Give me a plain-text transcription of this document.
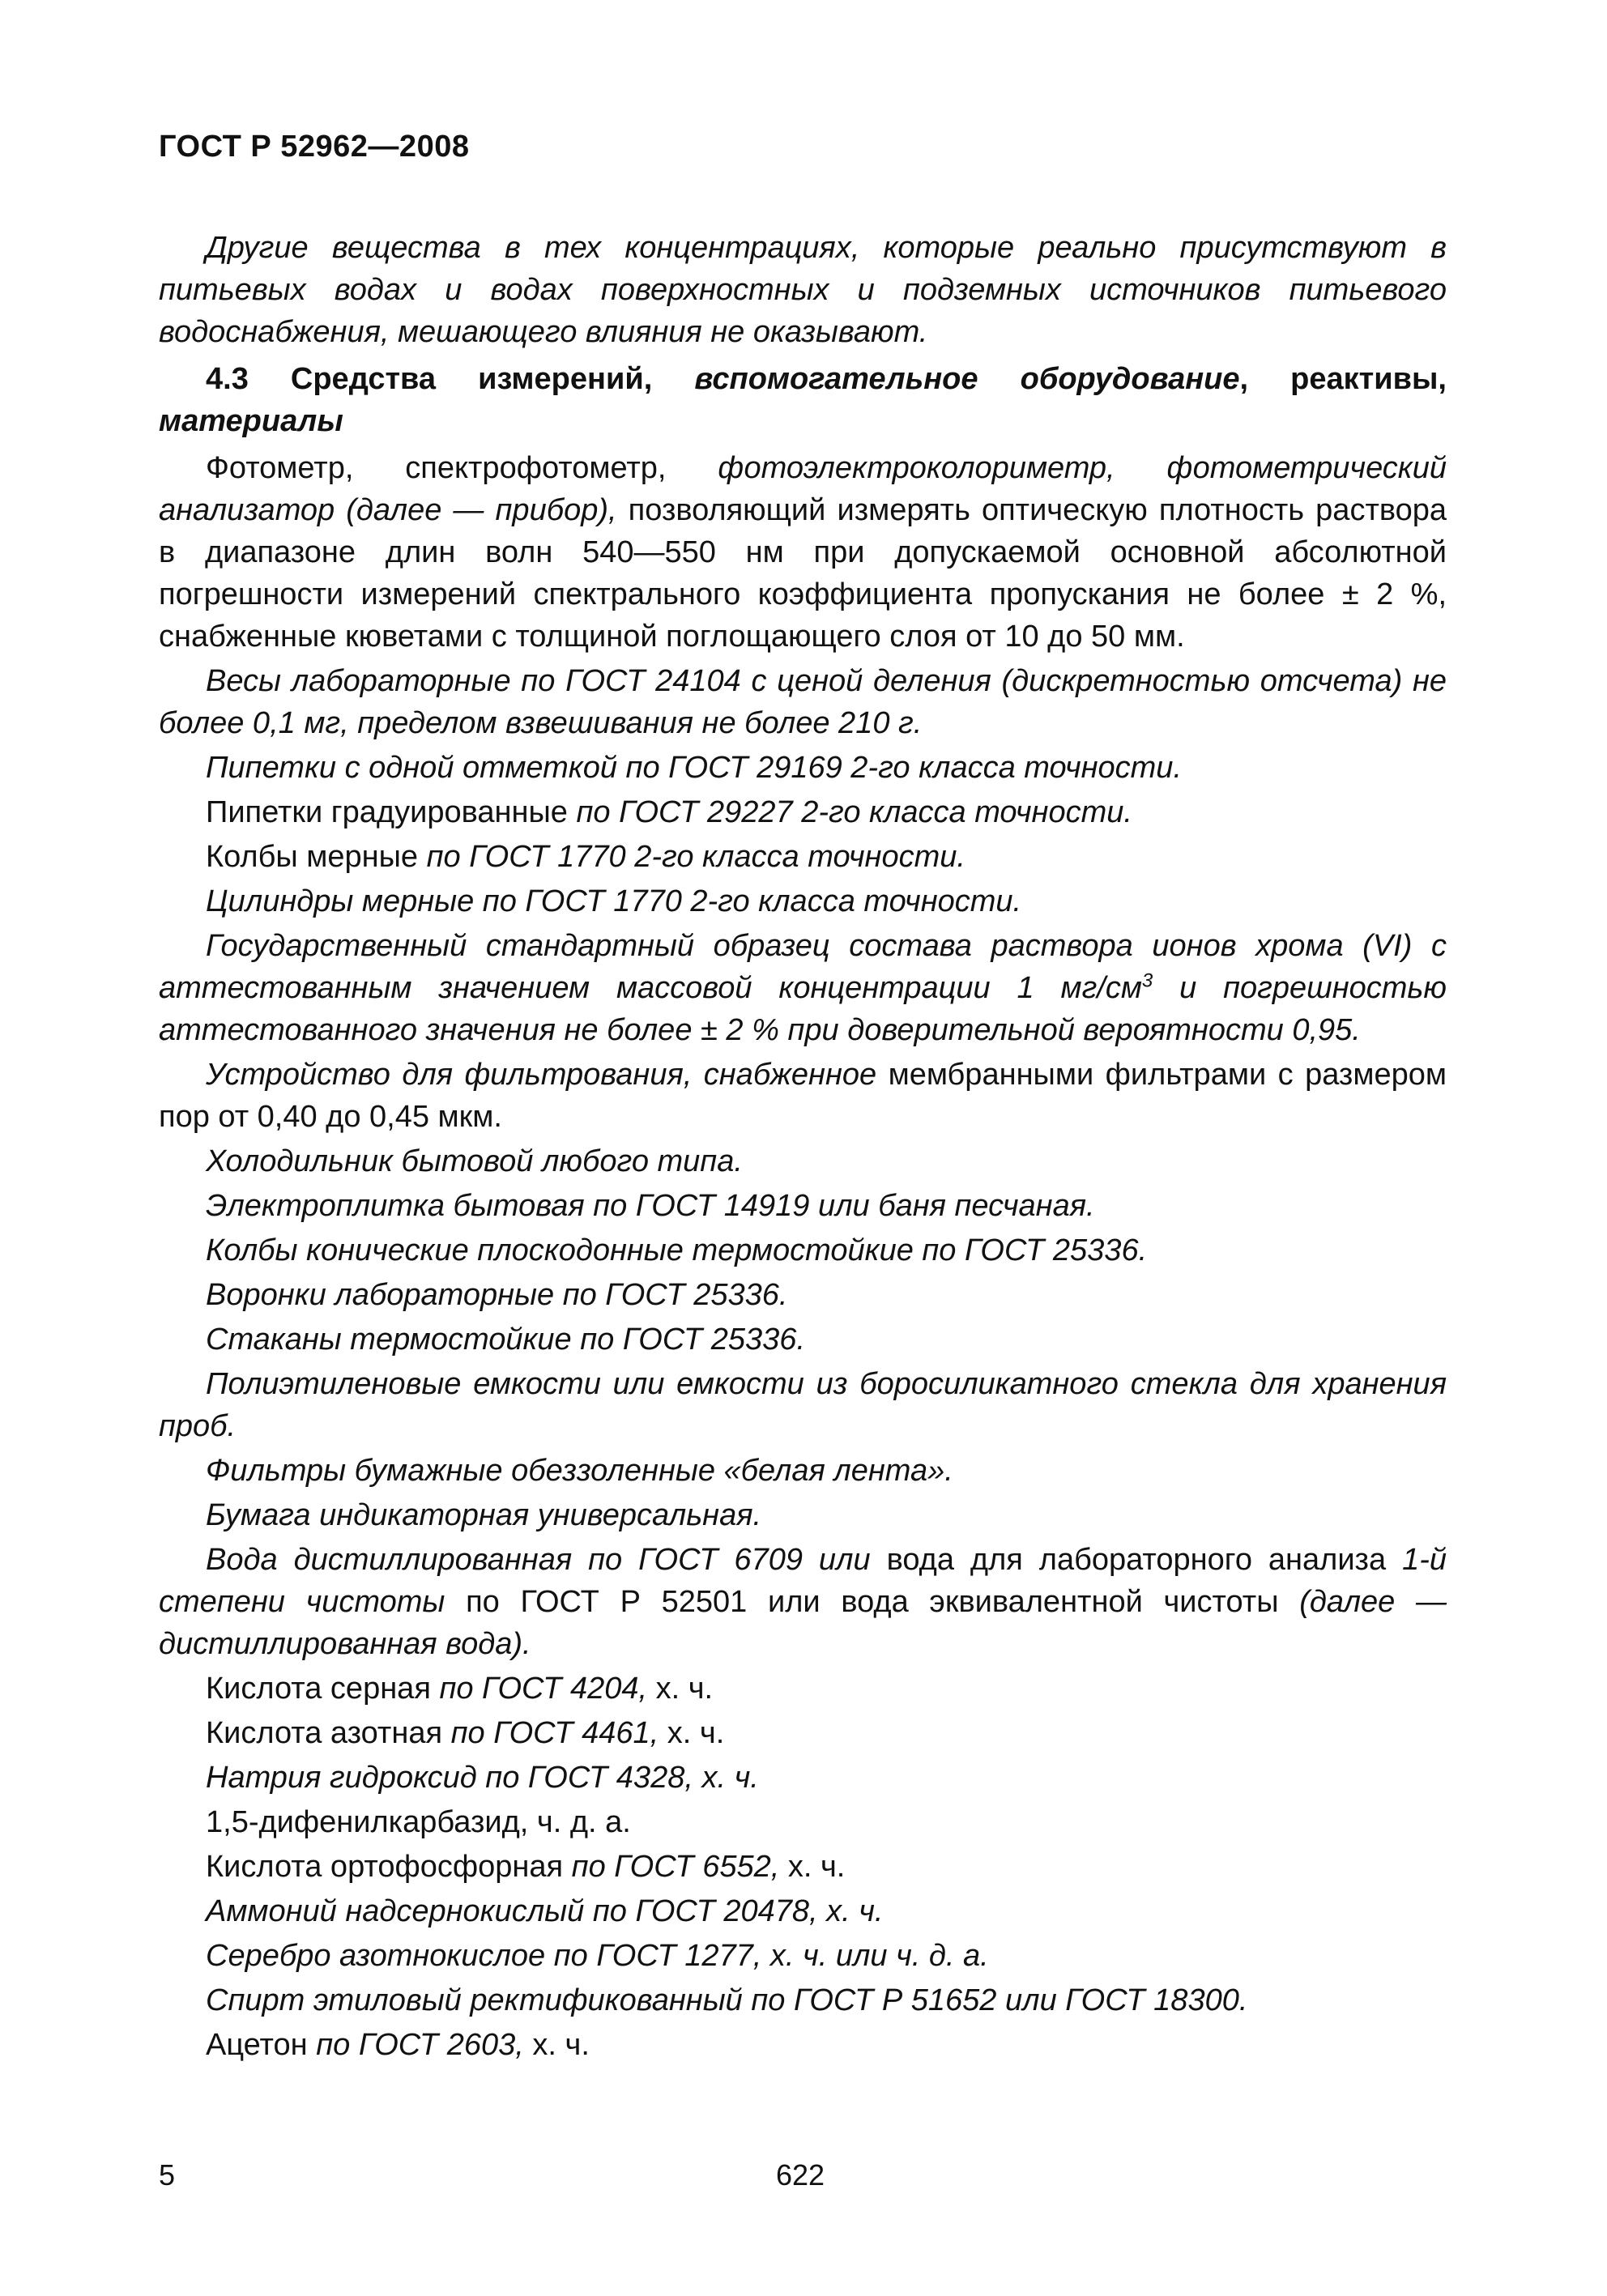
ГОСТ Р 52962—2008

Другие вещества в тех концентрациях, которые реально присутствуют в питьевых водах и водах поверхностных и подземных источников питьевого водоснабжения, мешающего влияния не оказывают.

4.3 Средства измерений, вспомогательное оборудование, реактивы, материалы

Фотометр, спектрофотометр, фотоэлектроколориметр, фотометрический анализатор (далее — прибор), позволяющий измерять оптическую плотность раствора в диапазоне длин волн 540—550 нм при допускаемой основной абсолютной погрешности измерений спектрального коэффициента пропускания не более ± 2 %, снабженные кюветами с толщиной поглощающего слоя от 10 до 50 мм.

Весы лабораторные по ГОСТ 24104 с ценой деления (дискретностью отсчета) не более 0,1 мг, пределом взвешивания не более 210 г.

Пипетки с одной отметкой по ГОСТ 29169 2-го класса точности.

Пипетки градуированные по ГОСТ 29227 2-го класса точности.

Колбы мерные по ГОСТ 1770 2-го класса точности.

Цилиндры мерные по ГОСТ 1770 2-го класса точности.

Государственный стандартный образец состава раствора ионов хрома (VI) с аттестованным значением массовой концентрации 1 $мг/см^3$ и погрешностью аттестованного значения не более ± 2 % при доверительной вероятности 0,95.

Устройство для фильтрования, снабженное мембранными фильтрами с размером пор от 0,40 до 0,45 мкм.

Холодильник бытовой любого типа.

Электроплитка бытовая по ГОСТ 14919 или баня песчаная.

Колбы конические плоскодонные термостойкие по ГОСТ 25336.

Воронки лабораторные по ГОСТ 25336.

Стаканы термостойкие по ГОСТ 25336.

Полиэтиленовые емкости или емкости из боросиликатного стекла для хранения проб.

Фильтры бумажные обеззоленные «белая лента».

Бумага индикаторная универсальная.

Вода дистиллированная по ГОСТ 6709 или вода для лабораторного анализа 1-й степени чистоты по ГОСТ Р 52501 или вода эквивалентной чистоты (далее — дистиллированная вода).

Кислота серная по ГОСТ 4204, х. ч.

Кислота азотная по ГОСТ 4461, х. ч.

Натрия гидроксид по ГОСТ 4328, х. ч.

1,5-дифенилкарбазид, ч. д. а.

Кислота ортофосфорная по ГОСТ 6552, х. ч.

Аммоний надсернокислый по ГОСТ 20478, х. ч.

Серебро азотнокислое по ГОСТ 1277, х. ч. или ч. д. а.

Спирт этиловый ректификованный по ГОСТ Р 51652 или ГОСТ 18300.

Ацетон по ГОСТ 2603, х. ч.

5	622
